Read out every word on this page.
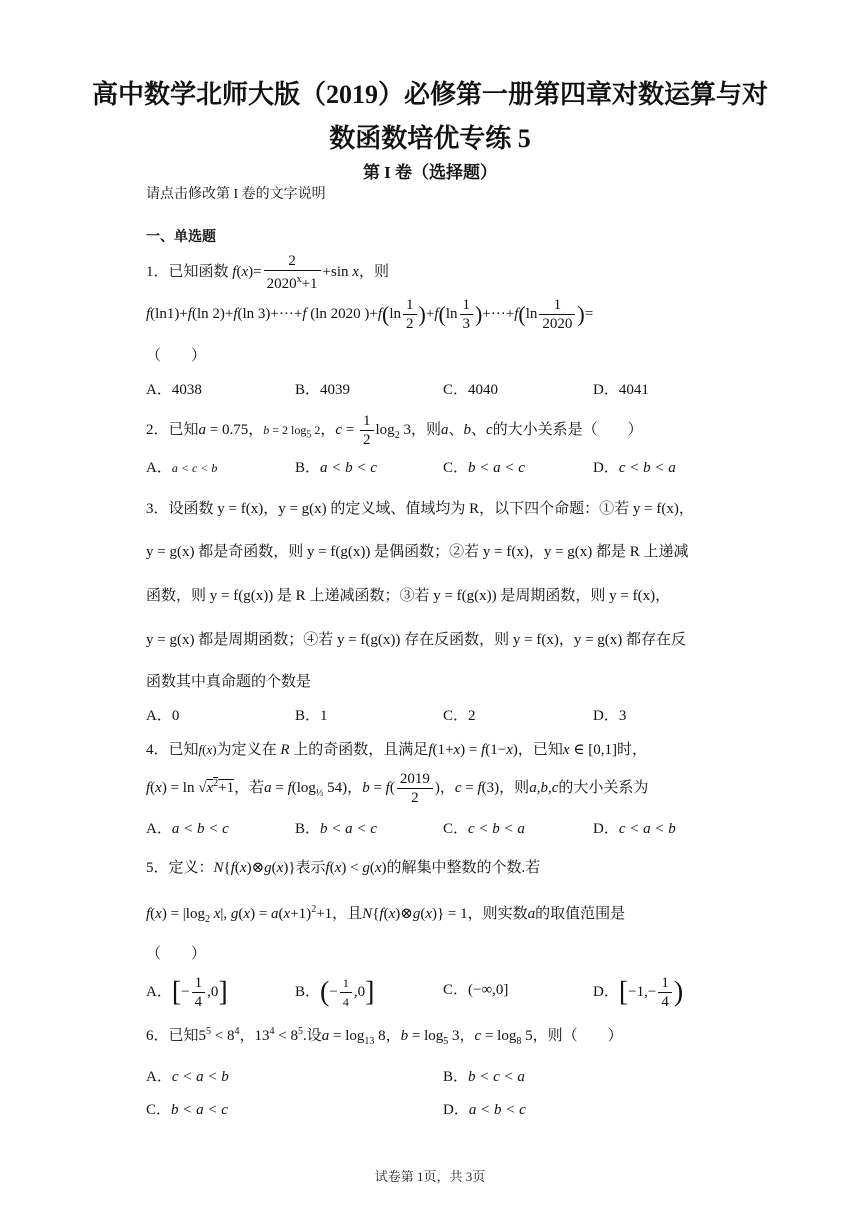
高中数学北师大版（2019）必修第一册第四章对数运算与对
数函数培优专练 5
第 I 卷（选择题）
请点击修改第 I 卷的文字说明
一、单选题
1．已知函数 $f(x)= \frac{2}{2020^x+1} +\sin$ x，则
f(ln1)+f(ln 2)+f(ln 3)+···+f (ln 2020 )$+f(\ln \frac{1}{2} )+f(\ln \frac{1}{3} )+\cdot\cdot\cdot+f(\ln \frac{1}{2020}$ )=
（　　）
A．4038	B．4039	C．4040	D．4041
2．已知a = 0.75，b = 2 $\log_5 2$，$c = \frac{1}{2} \log_2 3$，则a、b、c的大小关系是（　　）
A．a < c < b	B．a < b < c	C．b < a < c	D．c < b < a
3．设函数 y = f(x)，y = g(x) 的定义域、值域均为 R，以下四个命题：①若 y = f(x)，
y = g(x) 都是奇函数，则 y = f(g(x)) 是偶函数；②若 y = f(x)，y = g(x) 都是 R 上递减
函数，则 y = f(g(x)) 是 R 上递减函数；③若 y = f(g(x)) 是周期函数，则 y = f(x)，
y = g(x) 都是周期函数；④若 y = f(g(x)) 存在反函数，则 y = f(x)，y = g(x) 都存在反
函数其中真命题的个数是
A．0	B．1	C．2	D．3
4．已知f(x)为定义在 R 上的奇函数，且满足f(1+x) = f(1−x)，已知x ∈ [0,1]时，
$f(x) = \ln √x^2+1$，若$a = f(\log_{\frac{1}{3}}$ 54)，$b = f( \frac{2019}{2}$ )，c = f(3)，则a,b,c的大小关系为
A．a < b < c	B．b < a < c	C．c < b < a	D．c < a < b
5．定义：N{f(x)⊗g(x)}表示f(x) < g(x)的解集中整数的个数.若
$f(x) = |\log_2$ x|, $g(x) = a(x+1)^2+1$，且N{f(x)⊗g(x)} = 1，则实数a的取值范围是
（　　）
A．[− $\frac{1}{4} ,0$]	B．(− $\frac{1}{4} ,0$]	C．(−∞,0]	D．[$-1,- \frac{1}{4}$ )
6．已知$5^5 < 8^4$，$13^4 < 8^5$.设$a = \log_{13} 8$，$b = \log_5 3$，$c = \log_8 5$，则（　　）
A．c < a < b	B．b < c < a
C．b < a < c	D．a < b < c
试卷第 1页，共 3页
